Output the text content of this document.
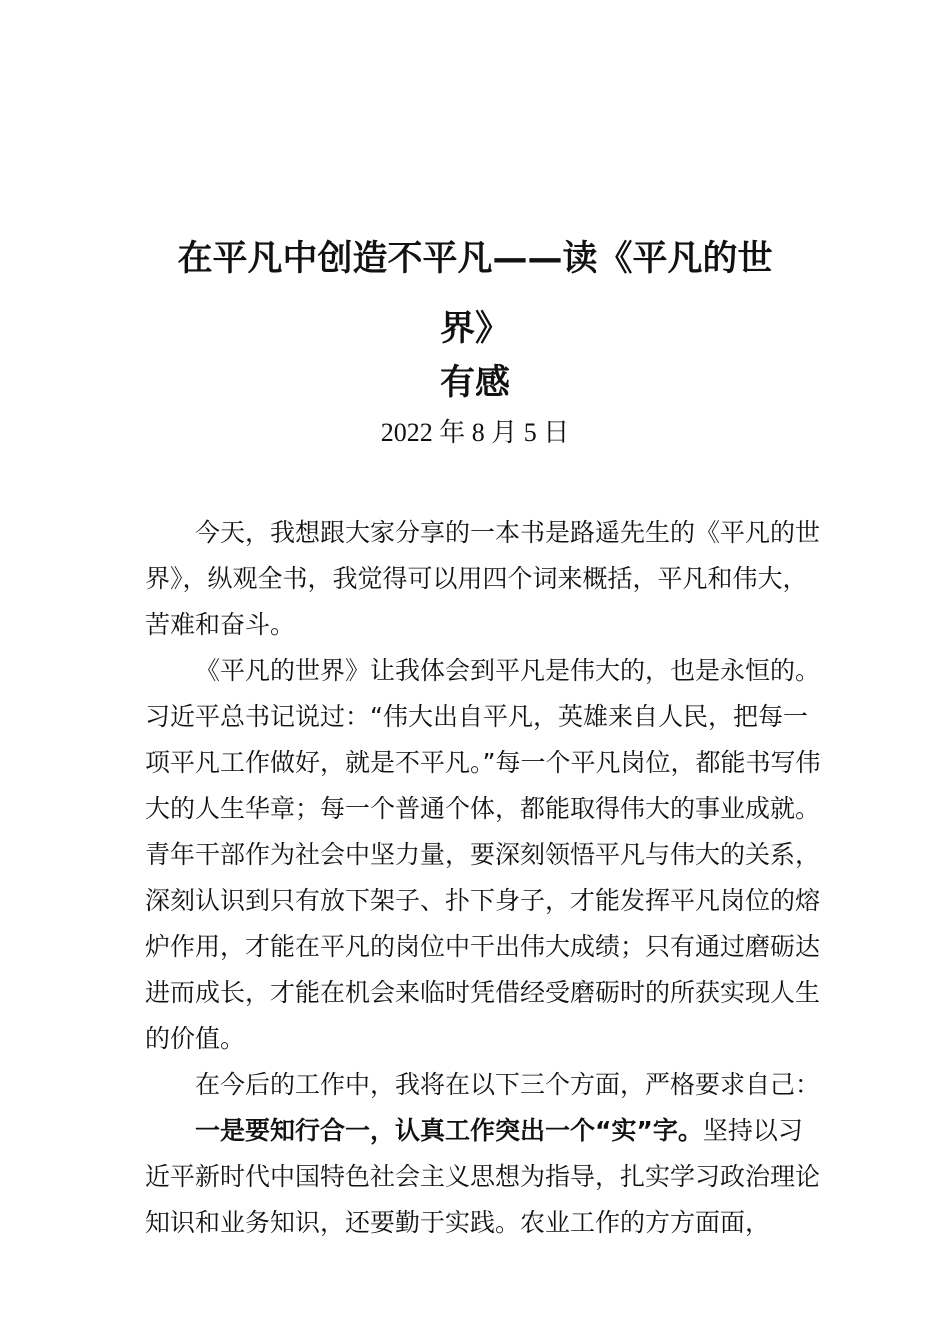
在平凡中创造不平凡——读《平凡的世
界》
有感
2022 年 8 月 5 日

今天，我想跟大家分享的一本书是路遥先生的《平凡的世界》，纵观全书，我觉得可以用四个词来概括，平凡和伟大，苦难和奋斗。

《平凡的世界》让我体会到平凡是伟大的，也是永恒的。习近平总书记说过：“伟大出自平凡，英雄来自人民，把每一项平凡工作做好，就是不平凡。”每一个平凡岗位，都能书写伟大的人生华章；每一个普通个体，都能取得伟大的事业成就。青年干部作为社会中坚力量，要深刻领悟平凡与伟大的关系，深刻认识到只有放下架子、扑下身子，才能发挥平凡岗位的熔炉作用，才能在平凡的岗位中干出伟大成绩；只有通过磨砺达进而成长，才能在机会来临时凭借经受磨砺时的所获实现人生的价值。

在今后的工作中，我将在以下三个方面，严格要求自己：

一是要知行合一，认真工作突出一个“实”字。坚持以习近平新时代中国特色社会主义思想为指导，扎实学习政治理论知识和业务知识，还要勤于实践。农业工作的方方面面，
